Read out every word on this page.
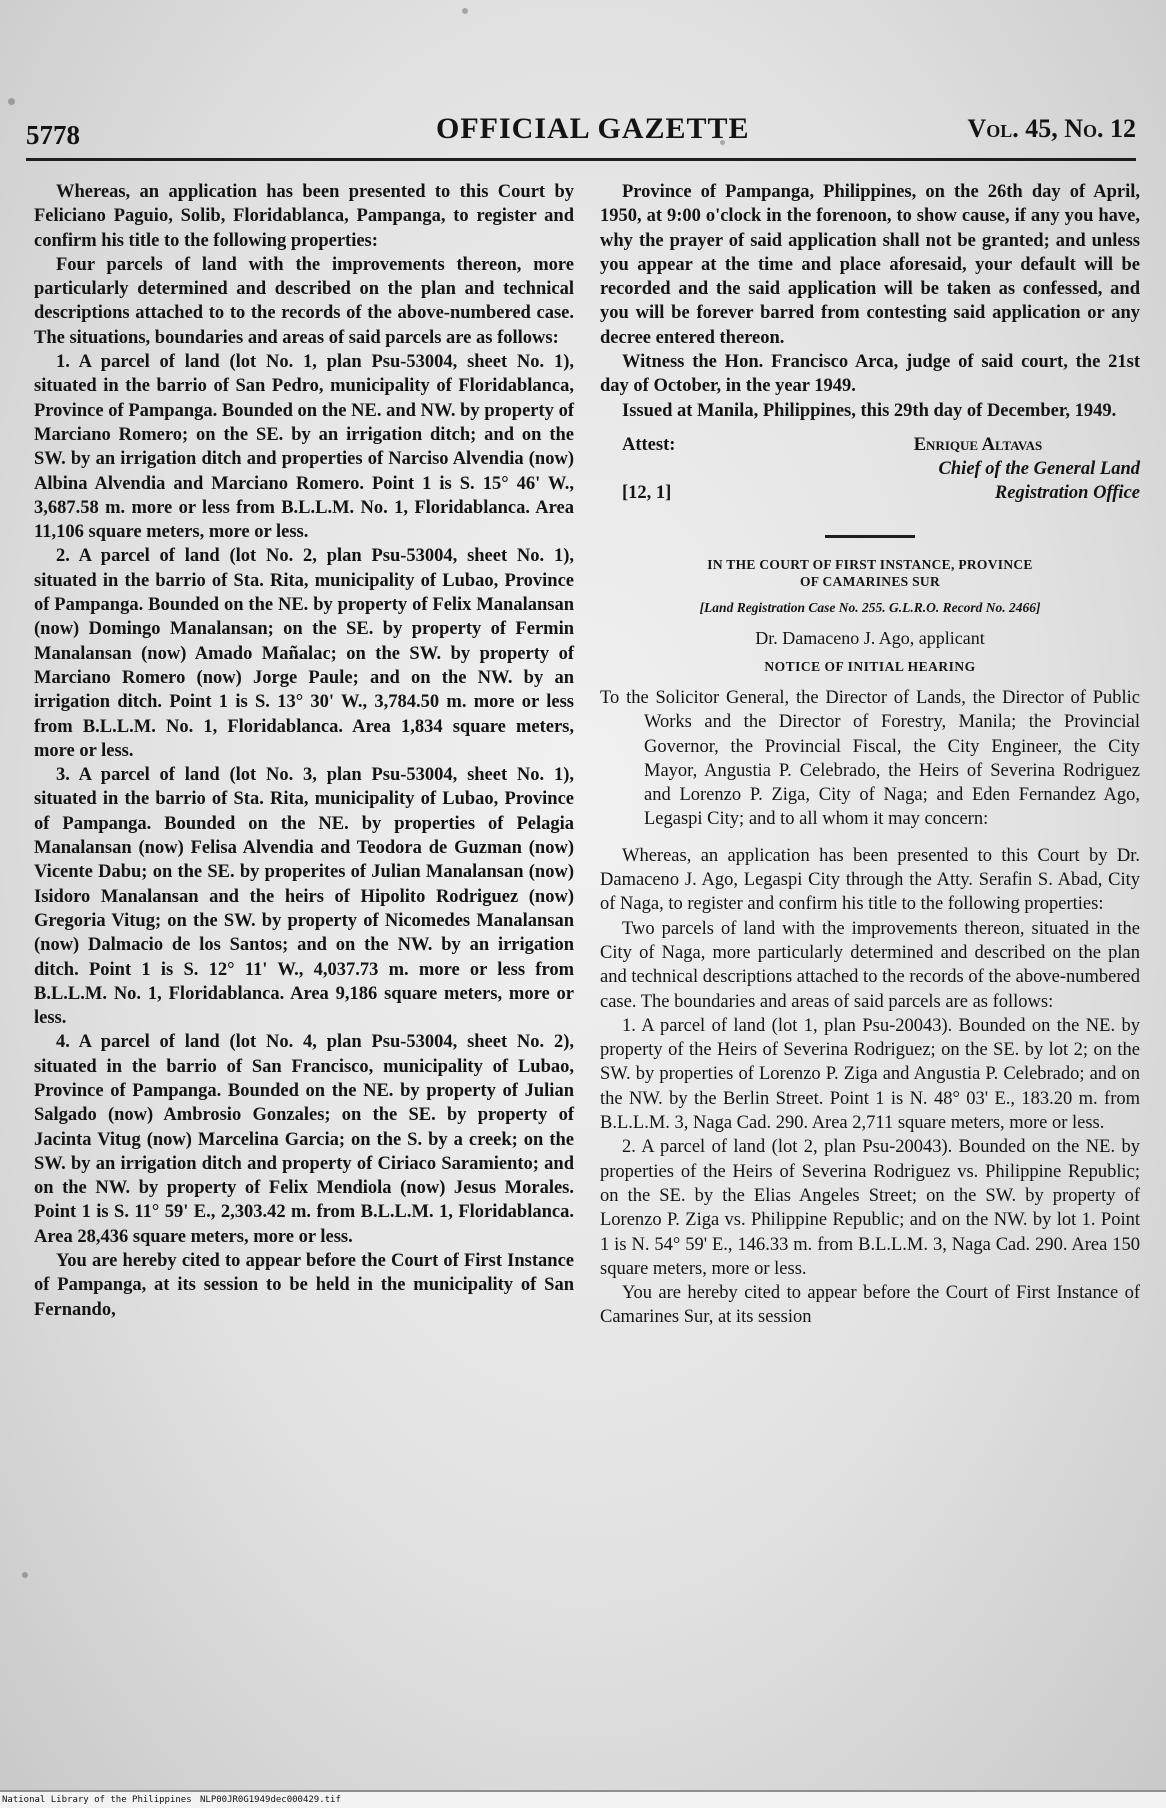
5778	OFFICIAL GAZETTE	Vol. 45, No. 12

Whereas, an application has been presented to this Court by Feliciano Paguio, Solib, Floridablanca, Pampanga, to register and confirm his title to the following properties:

Four parcels of land with the improvements thereon, more particularly determined and described on the plan and technical descriptions attached to to the records of the above-numbered case. The situations, boundaries and areas of said parcels are as follows:

1. A parcel of land (lot No. 1, plan Psu-53004, sheet No. 1), situated in the barrio of San Pedro, municipality of Floridablanca, Province of Pampanga. Bounded on the NE. and NW. by property of Marciano Romero; on the SE. by an irrigation ditch; and on the SW. by an irrigation ditch and properties of Narciso Alvendia (now) Albina Alvendia and Marciano Romero. Point 1 is S. 15° 46' W., 3,687.58 m. more or less from B.L.L.M. No. 1, Floridablanca. Area 11,106 square meters, more or less.

2. A parcel of land (lot No. 2, plan Psu-53004, sheet No. 1), situated in the barrio of Sta. Rita, municipality of Lubao, Province of Pampanga. Bounded on the NE. by property of Felix Manalansan (now) Domingo Manalansan; on the SE. by property of Fermin Manalansan (now) Amado Mañalac; on the SW. by property of Marciano Romero (now) Jorge Paule; and on the NW. by an irrigation ditch. Point 1 is S. 13° 30' W., 3,784.50 m. more or less from B.L.L.M. No. 1, Floridablanca. Area 1,834 square meters, more or less.

3. A parcel of land (lot No. 3, plan Psu-53004, sheet No. 1), situated in the barrio of Sta. Rita, municipality of Lubao, Province of Pampanga. Bounded on the NE. by properties of Pelagia Manalansan (now) Felisa Alvendia and Teodora de Guzman (now) Vicente Dabu; on the SE. by properites of Julian Manalansan (now) Isidoro Manalansan and the heirs of Hipolito Rodriguez (now) Gregoria Vitug; on the SW. by property of Nicomedes Manalansan (now) Dalmacio de los Santos; and on the NW. by an irrigation ditch. Point 1 is S. 12° 11' W., 4,037.73 m. more or less from B.L.L.M. No. 1, Floridablanca. Area 9,186 square meters, more or less.

4. A parcel of land (lot No. 4, plan Psu-53004, sheet No. 2), situated in the barrio of San Francisco, municipality of Lubao, Province of Pampanga. Bounded on the NE. by property of Julian Salgado (now) Ambrosio Gonzales; on the SE. by property of Jacinta Vitug (now) Marcelina Garcia; on the S. by a creek; on the SW. by an irrigation ditch and property of Ciriaco Saramiento; and on the NW. by property of Felix Mendiola (now) Jesus Morales. Point 1 is S. 11° 59' E., 2,303.42 m. from B.L.L.M. 1, Floridablanca. Area 28,436 square meters, more or less.

You are hereby cited to appear before the Court of First Instance of Pampanga, at its session to be held in the municipality of San Fernando,

Province of Pampanga, Philippines, on the 26th day of April, 1950, at 9:00 o'clock in the forenoon, to show cause, if any you have, why the prayer of said application shall not be granted; and unless you appear at the time and place aforesaid, your default will be recorded and the said application will be taken as confessed, and you will be forever barred from contesting said application or any decree entered thereon.

Witness the Hon. Francisco Arca, judge of said court, the 21st day of October, in the year 1949.

Issued at Manila, Philippines, this 29th day of December, 1949.

Attest:	Enrique Altavas
Chief of the General Land
Registration Office
[12, 1]
IN THE COURT OF FIRST INSTANCE, PROVINCE
OF CAMARINES SUR
[Land Registration Case No. 255. G.L.R.O. Record No. 2466]
Dr. Damaceno J. Ago, applicant
NOTICE OF INITIAL HEARING

To the Solicitor General, the Director of Lands, the Director of Public Works and the Director of Forestry, Manila; the Provincial Governor, the Provincial Fiscal, the City Engineer, the City Mayor, Angustia P. Celebrado, the Heirs of Severina Rodriguez and Lorenzo P. Ziga, City of Naga; and Eden Fernandez Ago, Legaspi City; and to all whom it may concern:

Whereas, an application has been presented to this Court by Dr. Damaceno J. Ago, Legaspi City through the Atty. Serafin S. Abad, City of Naga, to register and confirm his title to the following properties:

Two parcels of land with the improvements thereon, situated in the City of Naga, more particularly determined and described on the plan and technical descriptions attached to the records of the above-numbered case. The boundaries and areas of said parcels are as follows:

1. A parcel of land (lot 1, plan Psu-20043). Bounded on the NE. by property of the Heirs of Severina Rodriguez; on the SE. by lot 2; on the SW. by properties of Lorenzo P. Ziga and Angustia P. Celebrado; and on the NW. by the Berlin Street. Point 1 is N. 48° 03' E., 183.20 m. from B.L.L.M. 3, Naga Cad. 290. Area 2,711 square meters, more or less.

2. A parcel of land (lot 2, plan Psu-20043). Bounded on the NE. by properties of the Heirs of Severina Rodriguez vs. Philippine Republic; on the SE. by the Elias Angeles Street; on the SW. by property of Lorenzo P. Ziga vs. Philippine Republic; and on the NW. by lot 1. Point 1 is N. 54° 59' E., 146.33 m. from B.L.L.M. 3, Naga Cad. 290. Area 150 square meters, more or less.

You are hereby cited to appear before the Court of First Instance of Camarines Sur, at its session

National Library of the Philippines NLP00JR0G1949dec000429.tif
